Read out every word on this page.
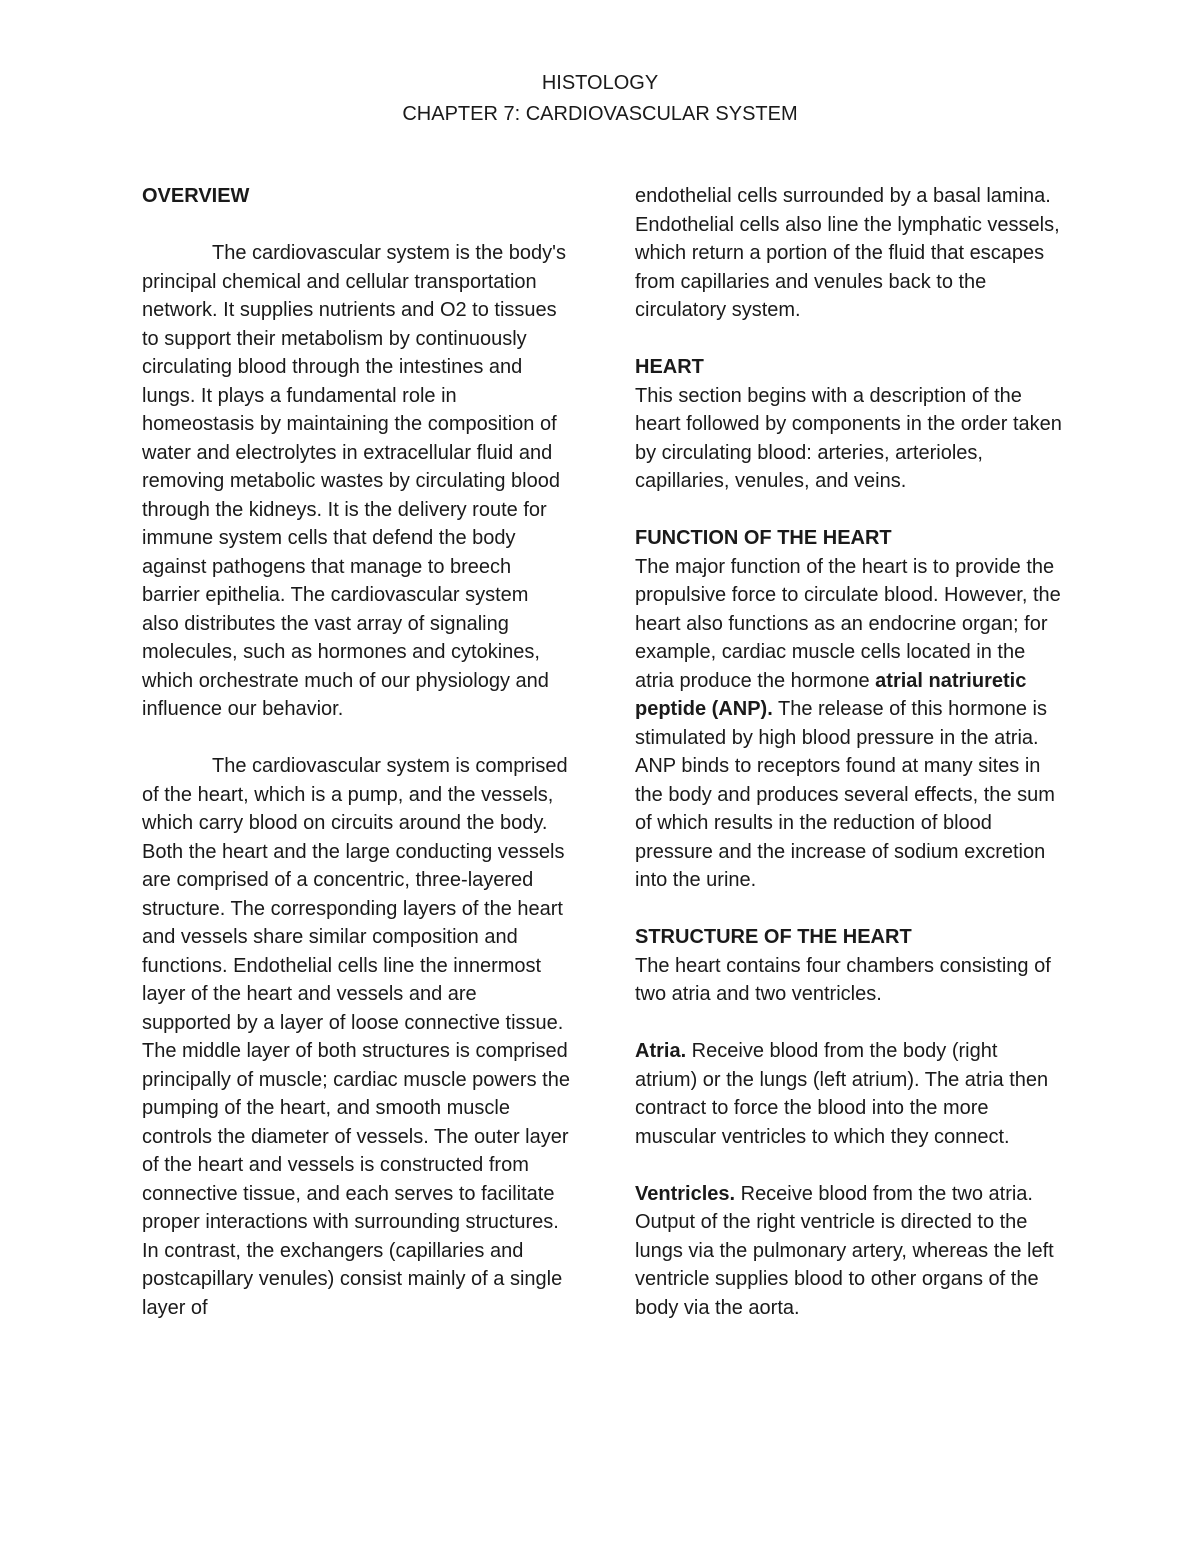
HISTOLOGY
CHAPTER 7: CARDIOVASCULAR SYSTEM

OVERVIEW

The cardiovascular system is the body's principal chemical and cellular transportation network. It supplies nutrients and O2 to tissues to support their metabolism by continuously circulating blood through the intestines and lungs. It plays a fundamental role in homeostasis by maintaining the composition of water and electrolytes in extracellular fluid and removing metabolic wastes by circulating blood through the kidneys. It is the delivery route for immune system cells that defend the body against pathogens that manage to breech barrier epithelia. The cardiovascular system also distributes the vast array of signaling molecules, such as hormones and cytokines, which orchestrate much of our physiology and influence our behavior.

The cardiovascular system is comprised of the heart, which is a pump, and the vessels, which carry blood on circuits around the body. Both the heart and the large conducting vessels are comprised of a concentric, three-layered structure. The corresponding layers of the heart and vessels share similar composition and functions. Endothelial cells line the innermost layer of the heart and vessels and are supported by a layer of loose connective tissue. The middle layer of both structures is comprised principally of muscle; cardiac muscle powers the pumping of the heart, and smooth muscle controls the diameter of vessels. The outer layer of the heart and vessels is constructed from connective tissue, and each serves to facilitate proper interactions with surrounding structures. In contrast, the exchangers (capillaries and postcapillary venules) consist mainly of a single layer of

endothelial cells surrounded by a basal lamina. Endothelial cells also line the lymphatic vessels, which return a portion of the fluid that escapes from capillaries and venules back to the circulatory system.

HEART

This section begins with a description of the heart followed by components in the order taken by circulating blood: arteries, arterioles, capillaries, venules, and veins.

FUNCTION OF THE HEART

The major function of the heart is to provide the propulsive force to circulate blood. However, the heart also functions as an endocrine organ; for example, cardiac muscle cells located in the atria produce the hormone atrial natriuretic peptide (ANP). The release of this hormone is stimulated by high blood pressure in the atria. ANP binds to receptors found at many sites in the body and produces several effects, the sum of which results in the reduction of blood pressure and the increase of sodium excretion into the urine.

STRUCTURE OF THE HEART

The heart contains four chambers consisting of two atria and two ventricles.

Atria. Receive blood from the body (right atrium) or the lungs (left atrium). The atria then contract to force the blood into the more muscular ventricles to which they connect.

Ventricles. Receive blood from the two atria. Output of the right ventricle is directed to the lungs via the pulmonary artery, whereas the left ventricle supplies blood to other organs of the body via the aorta.
